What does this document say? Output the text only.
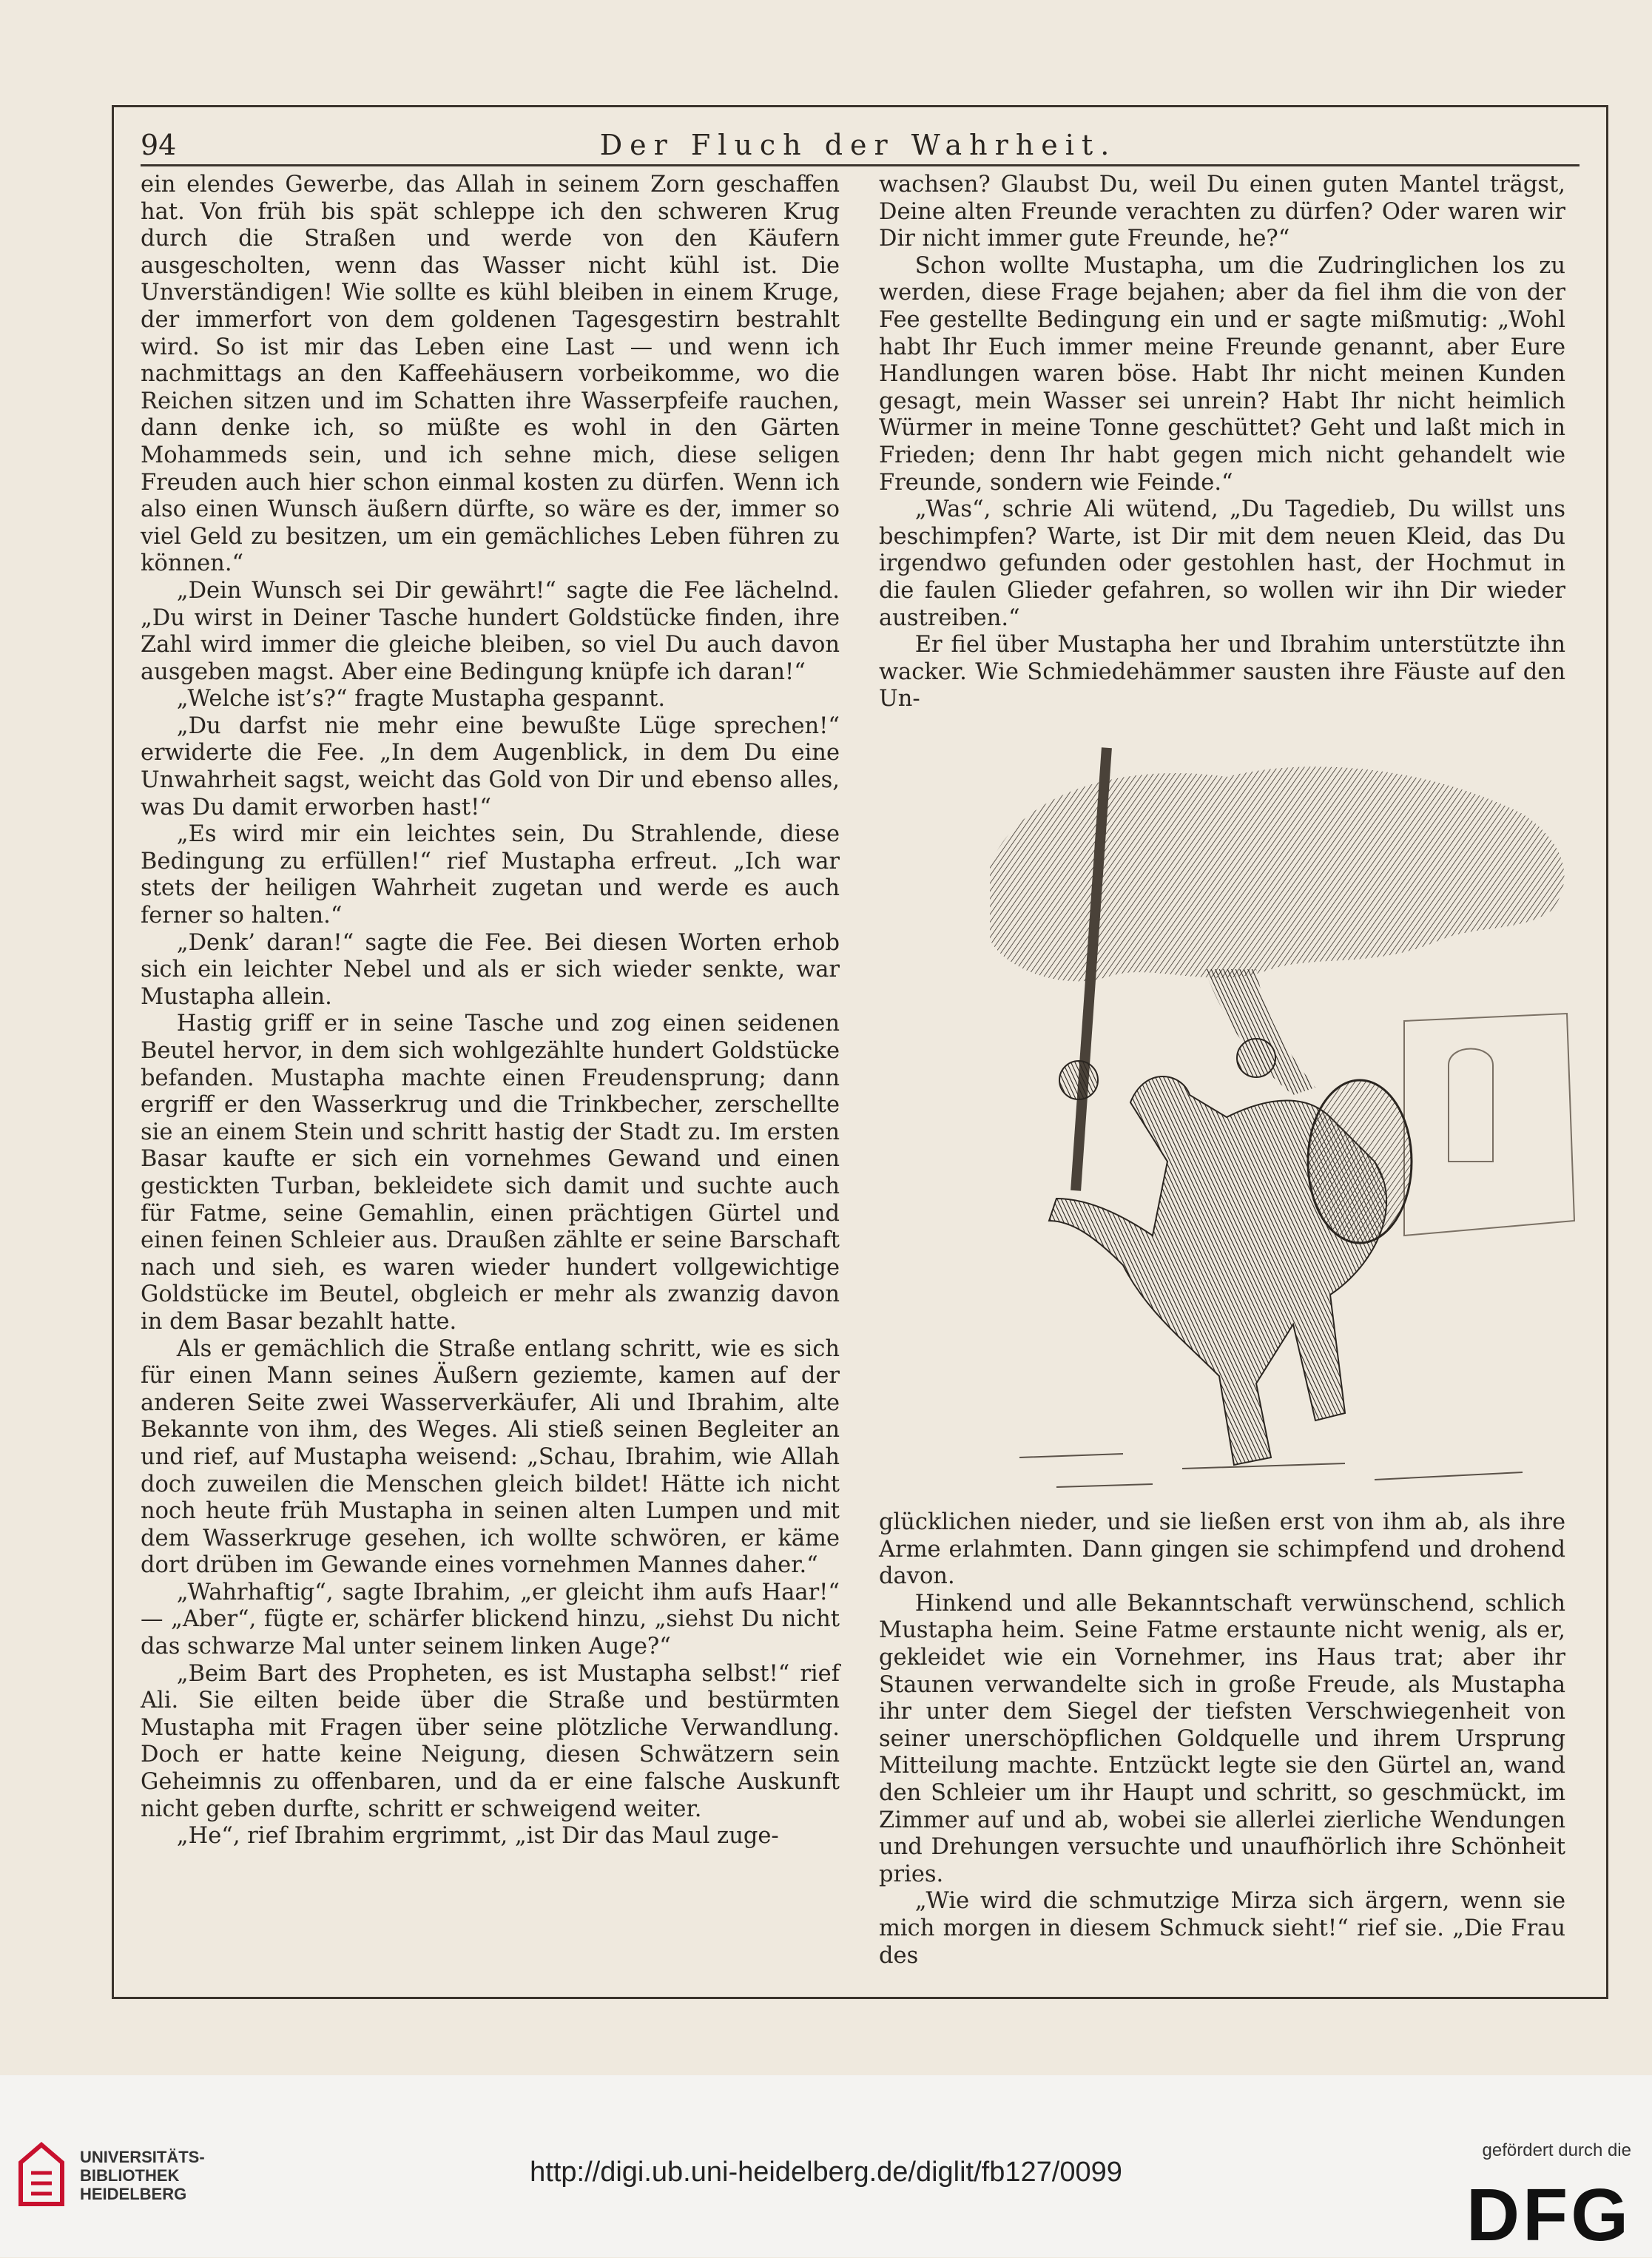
94	Der Fluch der Wahrheit.

ein elendes Gewerbe, das Allah in seinem Zorn geschaffen hat. Von früh bis spät schleppe ich den schweren Krug durch die Straßen und werde von den Käufern ausgescholten, wenn das Wasser nicht kühl ist. Die Unverständigen! Wie sollte es kühl bleiben in einem Kruge, der immerfort von dem goldenen Tagesgestirn bestrahlt wird. So ist mir das Leben eine Last — und wenn ich nachmittags an den Kaffeehäusern vorbeikomme, wo die Reichen sitzen und im Schatten ihre Wasserpfeife rauchen, dann denke ich, so müßte es wohl in den Gärten Mohammeds sein, und ich sehne mich, diese seligen Freuden auch hier schon einmal kosten zu dürfen. Wenn ich also einen Wunsch äußern dürfte, so wäre es der, immer so viel Geld zu besitzen, um ein gemächliches Leben führen zu können.“

„Dein Wunsch sei Dir gewährt!“ sagte die Fee lächelnd. „Du wirst in Deiner Tasche hundert Goldstücke finden, ihre Zahl wird immer die gleiche bleiben, so viel Du auch davon ausgeben magst. Aber eine Bedingung knüpfe ich daran!“

„Welche ist’s?“ fragte Mustapha gespannt.

„Du darfst nie mehr eine bewußte Lüge sprechen!“ erwiderte die Fee. „In dem Augenblick, in dem Du eine Unwahrheit sagst, weicht das Gold von Dir und ebenso alles, was Du damit erworben hast!“

„Es wird mir ein leichtes sein, Du Strahlende, diese Bedingung zu erfüllen!“ rief Mustapha erfreut. „Ich war stets der heiligen Wahrheit zugetan und werde es auch ferner so halten.“

„Denk’ daran!“ sagte die Fee. Bei diesen Worten erhob sich ein leichter Nebel und als er sich wieder senkte, war Mustapha allein.

Hastig griff er in seine Tasche und zog einen seidenen Beutel hervor, in dem sich wohlgezählte hundert Goldstücke befanden. Mustapha machte einen Freudensprung; dann ergriff er den Wasserkrug und die Trinkbecher, zerschellte sie an einem Stein und schritt hastig der Stadt zu. Im ersten Basar kaufte er sich ein vornehmes Gewand und einen gestickten Turban, bekleidete sich damit und suchte auch für Fatme, seine Gemahlin, einen prächtigen Gürtel und einen feinen Schleier aus. Draußen zählte er seine Barschaft nach und sieh, es waren wieder hundert vollgewichtige Goldstücke im Beutel, obgleich er mehr als zwanzig davon in dem Basar bezahlt hatte.

Als er gemächlich die Straße entlang schritt, wie es sich für einen Mann seines Äußern geziemte, kamen auf der anderen Seite zwei Wasserverkäufer, Ali und Ibrahim, alte Bekannte von ihm, des Weges. Ali stieß seinen Begleiter an und rief, auf Mustapha weisend: „Schau, Ibrahim, wie Allah doch zuweilen die Menschen gleich bildet! Hätte ich nicht noch heute früh Mustapha in seinen alten Lumpen und mit dem Wasserkruge gesehen, ich wollte schwören, er käme dort drüben im Gewande eines vornehmen Mannes daher.“

„Wahrhaftig“, sagte Ibrahim, „er gleicht ihm aufs Haar!“ — „Aber“, fügte er, schärfer blickend hinzu, „siehst Du nicht das schwarze Mal unter seinem linken Auge?“

„Beim Bart des Propheten, es ist Mustapha selbst!“ rief Ali. Sie eilten beide über die Straße und bestürmten Mustapha mit Fragen über seine plötzliche Verwandlung. Doch er hatte keine Neigung, diesen Schwätzern sein Geheimnis zu offenbaren, und da er eine falsche Auskunft nicht geben durfte, schritt er schweigend weiter.

„He“, rief Ibrahim ergrimmt, „ist Dir das Maul zuge-

wachsen? Glaubst Du, weil Du einen guten Mantel trägst, Deine alten Freunde verachten zu dürfen? Oder waren wir Dir nicht immer gute Freunde, he?“

Schon wollte Mustapha, um die Zudringlichen los zu werden, diese Frage bejahen; aber da fiel ihm die von der Fee gestellte Bedingung ein und er sagte mißmutig: „Wohl habt Ihr Euch immer meine Freunde genannt, aber Eure Handlungen waren böse. Habt Ihr nicht meinen Kunden gesagt, mein Wasser sei unrein? Habt Ihr nicht heimlich Würmer in meine Tonne geschüttet? Geht und laßt mich in Frieden; denn Ihr habt gegen mich nicht gehandelt wie Freunde, sondern wie Feinde.“

„Was“, schrie Ali wütend, „Du Tagedieb, Du willst uns beschimpfen? Warte, ist Dir mit dem neuen Kleid, das Du irgendwo gefunden oder gestohlen hast, der Hochmut in die faulen Glieder gefahren, so wollen wir ihn Dir wieder austreiben.“

Er fiel über Mustapha her und Ibrahim unterstützte ihn wacker. Wie Schmiedehämmer sausten ihre Fäuste auf den Un-

glücklichen nieder, und sie ließen erst von ihm ab, als ihre Arme erlahmten. Dann gingen sie schimpfend und drohend davon.

Hinkend und alle Bekanntschaft verwünschend, schlich Mustapha heim. Seine Fatme erstaunte nicht wenig, als er, gekleidet wie ein Vornehmer, ins Haus trat; aber ihr Staunen verwandelte sich in große Freude, als Mustapha ihr unter dem Siegel der tiefsten Verschwiegenheit von seiner unerschöpflichen Goldquelle und ihrem Ursprung Mitteilung machte. Entzückt legte sie den Gürtel an, wand den Schleier um ihr Haupt und schritt, so geschmückt, im Zimmer auf und ab, wobei sie allerlei zierliche Wendungen und Drehungen versuchte und unaufhörlich ihre Schönheit pries.

„Wie wird die schmutzige Mirza sich ärgern, wenn sie mich morgen in diesem Schmuck sieht!“ rief sie. „Die Frau des

UNIVERSITÄTS-
BIBLIOTHEK
HEIDELBERG
http://digi.ub.uni-heidelberg.de/diglit/fb127/0099
gefördert durch die
DFG
